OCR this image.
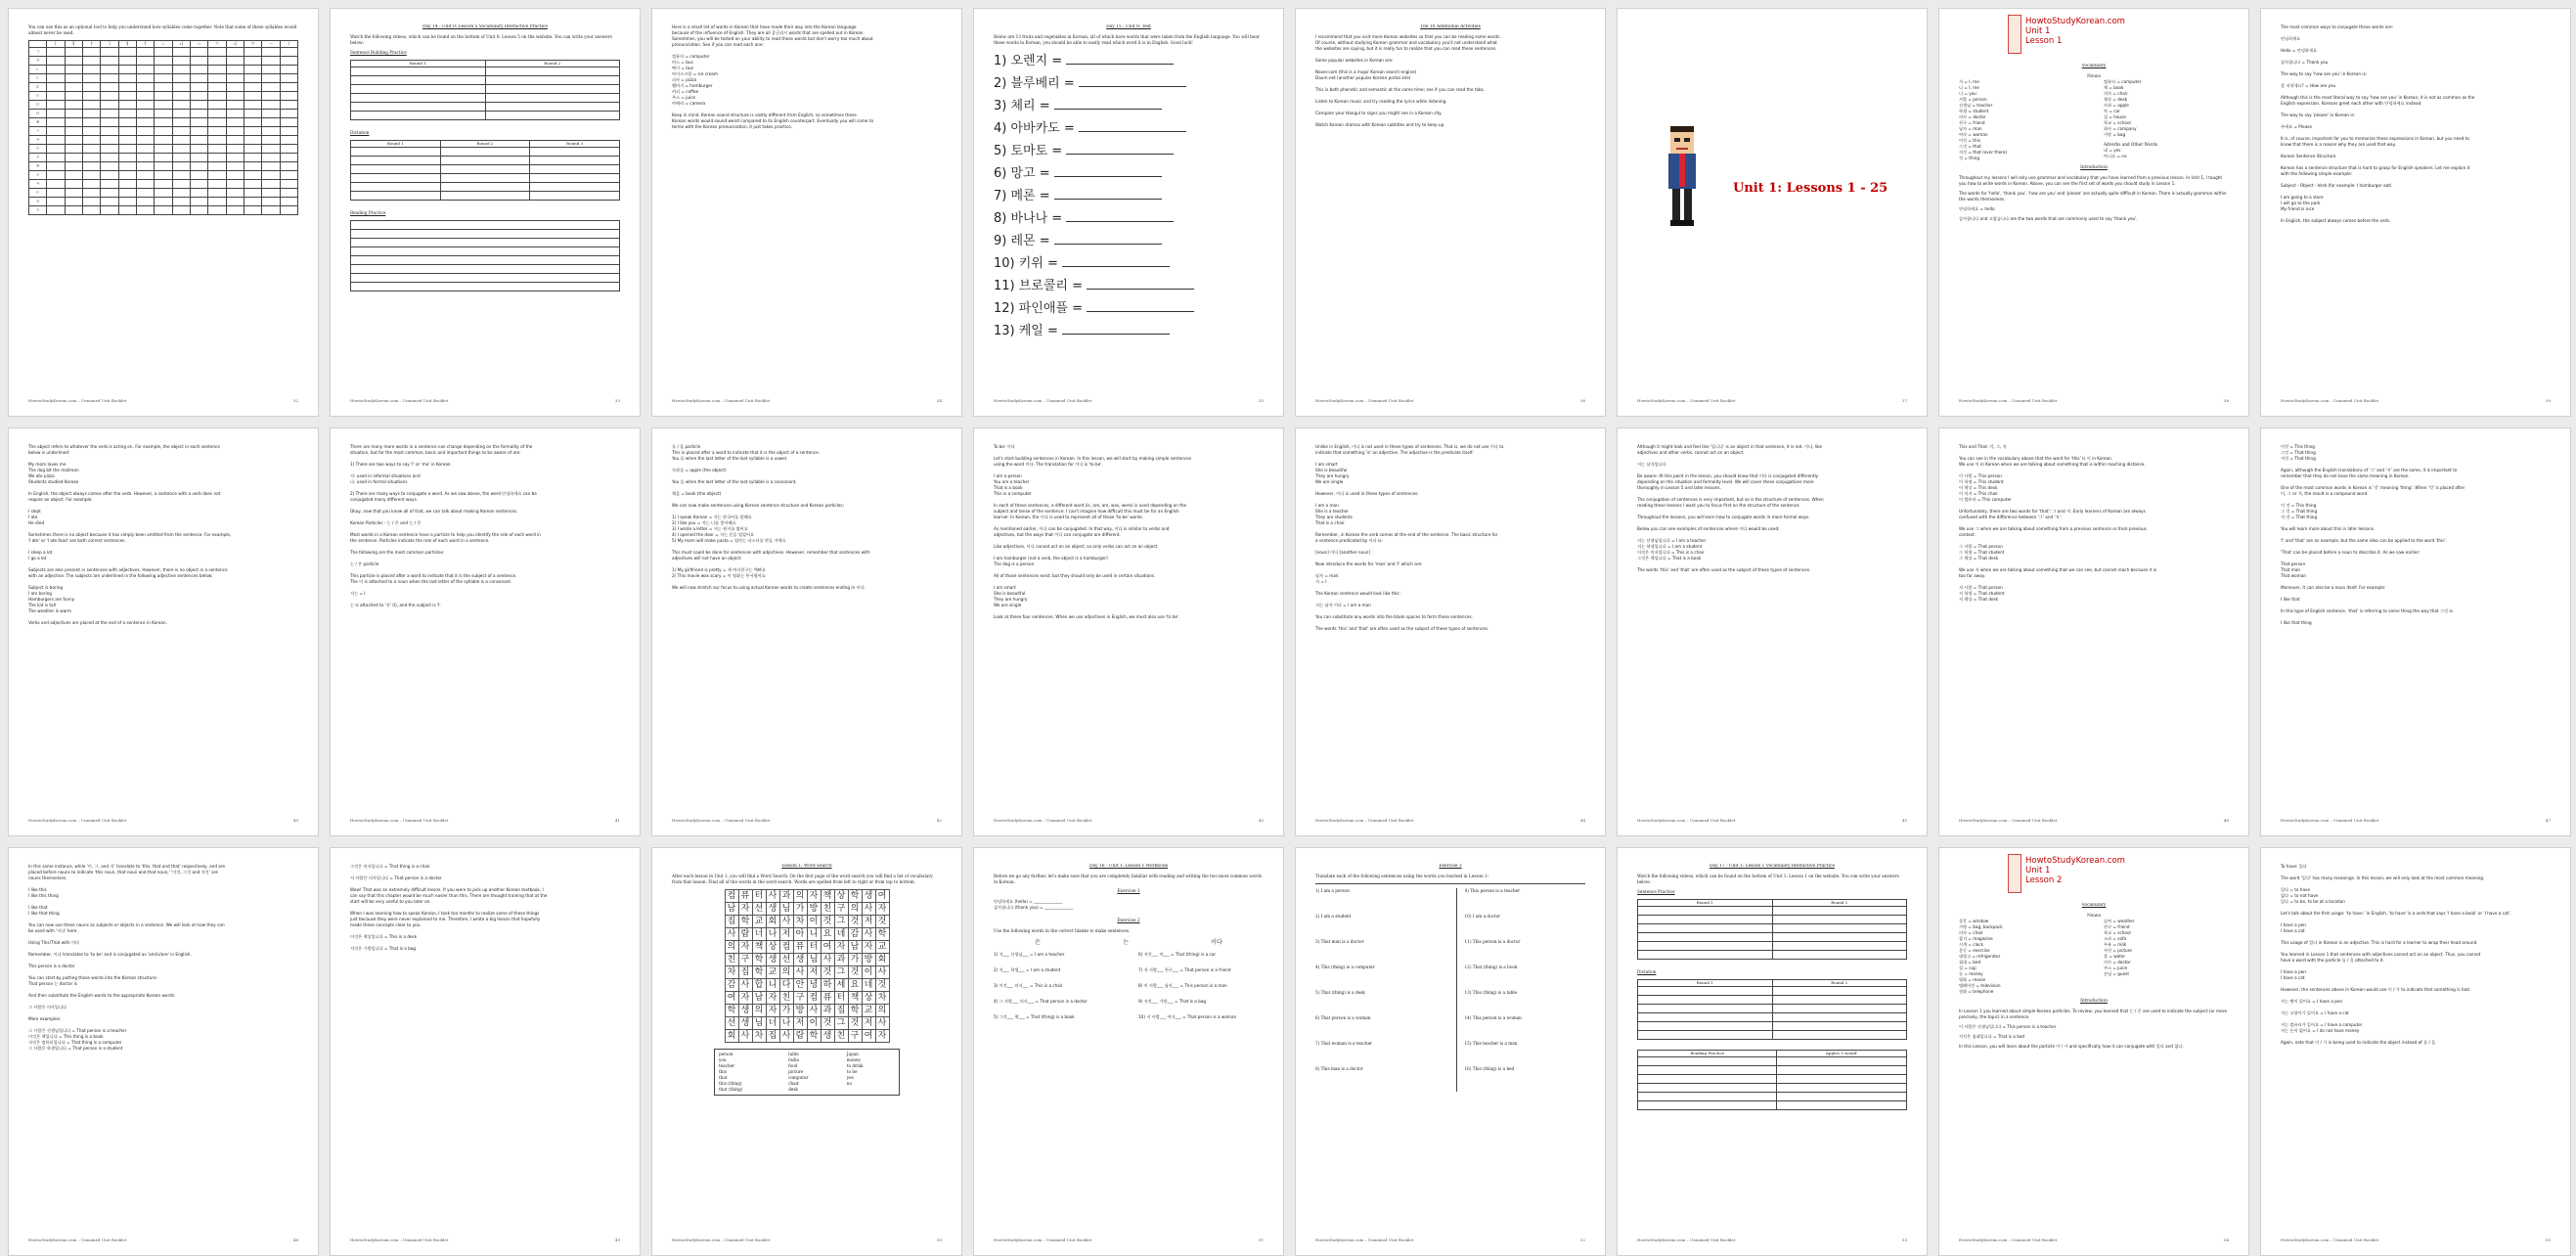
You can use this as an optional tool to help you understand how syllables come together. Note that some of these syllables would almost never be used.
	ㅏ	ㅐ	ㅑ	ㅓ	ㅔ	ㅕ	ㅗ	ㅘ	ㅛ	ㅜ	ㅝ	ㅠ	ㅡ	ㅣ
ㄱ														
ㄲ														
ㄴ														
ㄷ														
ㄸ														
ㄹ														
ㅁ														
ㅂ														
ㅃ														
ㅅ														
ㅆ														
ㅇ														
ㅈ														
ㅉ														
ㅊ														
ㅋ														
ㅌ														
ㅍ														
ㅎ														
HowtoStudyKorean.com – Unnamed Unit Booklet	32
Day 14 - Unit 0: Lesson 5 Vocabulary Interactive Practice
Watch the following videos, which can be found on the bottom of Unit 0: Lesson 5 on the website. You can write your answers below:
Sentence Building Practice
Round 1	Round 2

Dictation
Round 1	Round 2	Round 3

Reading Practice

HowtoStudyKorean.com – Unnamed Unit Booklet	33
Here is a small list of words in Korean that have made their way into the Korean language
because of the influence of English. They are all 콩글리시 words that are spelled out in Korean.
Sometimes, you will be tested on your ability to read these words but don't worry too much about
pronunciation. See if you can read each one:
컴퓨터 = computer
버스 = bus
택시 = taxi
아이스크림 = ice cream
피자 = pizza
햄버거 = hamburger
커피 = coffee
주스 = juice
카메라 = camera
Keep in mind, Korean sound structure is vastly different from English, so sometimes these
Korean words would sound weird compared to its English counterpart. Eventually you will come to
terms with the Korean pronunciation, it just takes practice.
HowtoStudyKorean.com – Unnamed Unit Booklet	34
Day 15 - Unit 0: Test
Below are 13 fruits and vegetables in Korean, all of which have words that were taken from the English language. You will hear these words in Korean, you should be able to easily read which word it is in English. Good luck!
1) 오렌지 =
2) 블루베리 =
3) 체리 =
4) 아바카도 =
5) 토마토 =
6) 망고 =
7) 메론 =
8) 바나나 =
9) 레몬 =
10) 키위 =
11) 브로콜리 =
12) 파인애플 =
13) 케일 =
HowtoStudyKorean.com – Unnamed Unit Booklet	35
The 10 Additional Activities
I recommend that you visit more Korean websites so that you can be reading some words.
Of course, without studying Korean grammar and vocabulary you'll not understand what
the websites are saying, but it is really fun to realize that you can read these sentences.
Some popular websites in Korean are:
Naver.com (this is a major Korean search engine)
Daum.net (another popular Korean portal site)
This is both phonetic and semantic at the same time; see if you can read the tabs.
Listen to Korean music and try reading the lyrics while listening.
Compare your Hangul to signs you might see in a Korean city.
Watch Korean dramas with Korean subtitles and try to keep up.
HowtoStudyKorean.com – Unnamed Unit Booklet	36
Unit 1: Lessons 1 - 25
HowtoStudyKorean.com – Unnamed Unit Booklet	37
Vocabulary
Nouns
저 = I, me
나 = I, me
너 = you
사람 = person
선생님 = teacher
학생 = student
의사 = doctor
친구 = friend
남자 = man
여자 = woman
이것 = this
그것 = that
저것 = that (over there)
것 = thing
컴퓨터 = computer
책 = book
의자 = chair
책상 = desk
사과 = apple
차 = car
집 = house
학교 = school
회사 = company
가방 = bag
Adverbs and Other Words
네 = yes
아니요 = no
Introduction
Throughout my lessons I will only use grammar and vocabulary that you have learned from a previous lesson. In Unit 1, I taught you how to write words in Korean. Above, you can see the first set of words you should study in Lesson 1.
The words for 'hello', 'thank you', 'how are you' and 'please' are actually quite difficult in Korean. There is actually grammar within the words themselves.
안녕하세요 = hello
감사합니다 and 고맙습니다 are the two words that are commonly used to say 'thank you'.
HowtoStudyKorean.com
Unit 1
Lesson 1
HowtoStudyKorean.com – Unnamed Unit Booklet	38
The most common ways to conjugate these words are:
안녕하세요
Hello = 안녕하세요
감사합니다 = Thank you
The way to say 'how are you' in Korean is:
잘 지내세요? = How are you
Although this is the most literal way to say 'how are you' in Korean, it is not as common as the
English expression. Koreans greet each other with 안녕하세요 instead.
The way to say 'please' in Korean is:
주세요 = Please
It is, of course, important for you to memorize these expressions in Korean, but you need to
know that there is a reason why they are used that way.
Korean Sentence Structure
Korean has a sentence structure that is hard to grasp for English speakers. Let me explain it
with the following simple example:
Subject - Object - Verb (for example: I hamburger eat)
I am going to a store
I will go to the park
My friend is nice
In English, the subject always comes before the verb.
HowtoStudyKorean.com – Unnamed Unit Booklet	39
The object refers to whatever the verb is acting on. For example, the object in each sentence
below is underlined:
My mom loves me
The dog bit the mailman
We ate pizza
Students studied Korean
In English, the object always comes after the verb. However, a sentence with a verb does not
require an object. For example:
I slept
I ate
He died
Sometimes there is no object because it has simply been omitted from the sentence. For example,
'I ate' or 'I ate food' are both correct sentences.
I sleep a lot
I go a lot
Subjects are also present in sentences with adjectives. However, there is no object in a sentence
with an adjective. The subjects are underlined in the following adjective sentences below:
Subject is boring
I am boring
Hamburgers are funny
The kid is tall
The weather is warm
Verbs and adjectives are placed at the end of a sentence in Korean.
HowtoStudyKorean.com – Unnamed Unit Booklet	40
There are many more words in a sentence can change depending on the formality of the
situation, but for the most common, basic and important things to be aware of are:
1) There are two ways to say 'I' or 'me' in Korean
저: used in informal situations and
나: used in formal situations
2) There are many ways to conjugate a word. As we saw above, the word 안녕하세요 can be
conjugated many different ways.
Okay, now that you know all of that, we can talk about making Korean sentences.
Korean Particles - 는 / 은 and 는 / 은
Most words in a Korean sentence have a particle to help you identify the role of each word in
the sentence. Particles indicate the role of each word in a sentence.
The following are the most common particles:
는 / 은 particle
This particle is placed after a word to indicate that it is the subject of a sentence.
The 이 is attached to a noun when the last letter of the syllable is a consonant.
저는 = I
는 is attached to '저' (I), and the subject is 'I'.
HowtoStudyKorean.com – Unnamed Unit Booklet	41
를 / 을 particle
This is placed after a word to indicate that it is the object of a sentence.
You 를 when the last letter of the last syllable is a vowel.
사과를 = apple (the object)
You 을 when the last letter of the last syllable is a consonant.
책을 = book (the object)
We can now make sentences using Korean sentence structure and Korean particles:
1) I speak Korean = 저는 한국어를 말해요
2) I like you = 저는 너를 좋아해요
3) I wrote a letter = 저는 편지를 썼어요
4) I opened the door = 저는 문을 열었어요
5) My mom will make pasta = 엄마는 파스타를 만들 거예요
This must could be done for sentences with adjectives. However, remember that sentences with
adjectives will not have an object:
1) My girlfriend is pretty = 제 여자친구는 예뻐요
2) This movie was scary = 이 영화는 무서웠어요
We will now stretch our focus to using actual Korean words to create sentences ending in 이다.
HowtoStudyKorean.com – Unnamed Unit Booklet	42
To be: 이다
Let's start building sentences in Korean. In this lesson, we will start by making simple sentences
using the word 이다. The translation for 이다 is 'to be'.
I am a person
You are a teacher
That is a book
This is a computer
In each of these sentences, a different word (is, are, am, was, were) is used depending on the
subject and tense of the sentence. I can't imagine how difficult this must be for an English
learner. In Korean, the 이다 is used to represent all of those 'to be' words.
As mentioned earlier, 이다 can be conjugated. In that way, 이다 is similar to verbs and
adjectives, but the ways that 이다 can conjugate are different.
Like adjectives, 이다 cannot act on an object, so only verbs can act on an object.
I am hamburger (not a verb, the object is a hamburger)
The dog is a person
All of those sentences exist, but they should only be used in certain situations.
I am smart
She is beautiful
They are hungry
We are single
Look at these four sentences. When we use adjectives in English, we must also use 'to be'.
HowtoStudyKorean.com – Unnamed Unit Booklet	43
Unlike in English, 이다 is not used in these types of sentences. That is, we do not use 이다 to
indicate that something 'is' an adjective. The adjective is the predicate itself:
I am smart
She is beautiful
They are hungry
We are single
However, 이다 is used in these types of sentences:
I am a man
She is a teacher
They are students
That is a chair
Remember, in Korean the verb comes at the end of the sentence. The basic structure for
a sentence predicated by 이다 is:
[noun] 이다 [another noun]
Now introduce the words for 'man' and 'I' which are:
남자 = man
저 = I
The Korean sentence would look like this:
저는 남자 이다 = I am a man
You can substitute any words into the blank spaces to form these sentences.
The words 'this' and 'that' are often used as the subject of these types of sentences.
HowtoStudyKorean.com – Unnamed Unit Booklet	44
Although it might look and feel like '입니다' is an object in that sentence, it is not. 이다, like
adjectives and other verbs, cannot act on an object.
저는 남자입니다
Be aware: At this point in the lesson, you should know that 이다 is conjugated differently
depending on the situation and formality level. We will cover these conjugations more
thoroughly in Lesson 5 and later lessons.
The conjugation of sentences is very important, but so is the structure of sentences. When
reading these lessons I want you to focus first on the structure of the sentence.
Throughout the lessons, you will learn how to conjugate words in more formal ways.
Below you can see examples of sentences where 이다 would be used:
저는 선생님입니다 = I am a teacher
저는 학생입니다 = I am a student
이것은 의자입니다 = This is a chair
그것은 책입니다 = That is a book
The words 'this' and 'that' are often used as the subject of these types of sentences.
HowtoStudyKorean.com – Unnamed Unit Booklet	45
This and That: 이, 그, 저
You can see in the vocabulary above that the word for 'this' is 이 in Korean.
We use 이 in Korean when we are talking about something that is within reaching distance.
이 사람 = This person
이 학생 = This student
이 책상 = This desk
이 의자 = This chair
이 컴퓨터 = This computer
Unfortunately, there are two words for 'that': 그 and 저. Early learners of Korean are always
confused with the difference between '그' and '저'.
We use 그 when we are talking about something from a previous sentence or from previous
context.
그 사람 = That person
그 학생 = That student
그 책상 = That desk
We use 저 when we are talking about something that we can see, but cannot reach because it is
too far away.
저 사람 = That person
저 학생 = That student
저 책상 = That desk
HowtoStudyKorean.com – Unnamed Unit Booklet	46
이것 = This thing
그것 = That thing
저것 = That thing
Again, although the English translations of '그' and '저' are the same, it is important to
remember that they do not have the same meaning in Korean.
One of the most common words in Korean is '것' meaning 'thing'. When '것' is placed after
이, 그 or 저, the result is a compound word.
이 것 = This thing
그 것 = That thing
저 것 = That thing
You will learn more about this in later lessons.
'I' and 'that' are an example, but the same idea can be applied to the word 'this'.
'That' can be placed before a noun to describe it. As we saw earlier:
That person
That man
That woman
Moreover, it can also be a noun itself. For example:
I like that
In this type of English sentence, 'that' is referring to some thing the way that 그것 is.
I like that thing
HowtoStudyKorean.com – Unnamed Unit Booklet	47
In this same instance, while '이, 그, and 저' translate to 'this, that and that' respectively, and are
placed before nouns to indicate 'this noun, that noun and that noun,' '이것, 그것 and 저것' are
nouns themselves.
I like this
I like this thing
I like that
I like that thing
You can now use these nouns as subjects or objects in a sentence. We will look at how they can
be used with '이다' here.
Using This/That with 이다
Remember, 이다 translates to 'to be' and is conjugated as 'am/is/are' in English.
This person is a doctor
You can start by putting those words into the Korean structure:
That person 는 doctor is
And then substitute the English words to the appropriate Korean words:
그 사람은 의사입니다
More examples:
그 사람은 선생님입니다 = That person is a teacher
이것은 책입니다 = This thing is a book
저것은 컴퓨터입니다 = That thing is a computer
그 사람은 학생입니다 = That person is a student
HowtoStudyKorean.com – Unnamed Unit Booklet	48
그것은 의자입니다 = That thing is a chair
저 사람은 의사입니다 = That person is a doctor
Wow! That was an extremely difficult lesson. If you were to pick up another Korean textbook, I
can say that this chapter would be much easier than this. There are thought training that at the
start will be very useful to you later on.
When I was learning how to speak Korean, I took too months to realize some of these things
just because they were never explained to me. Therefore, I wrote a big lesson that hopefully
made these concepts clear to you.
이것은 책상입니다 = This is a desk
저것은 가방입니다 = That is a bag
HowtoStudyKorean.com – Unnamed Unit Booklet	49
Lesson 1: Word Search
After each lesson in Unit 1, you will find a Word Search. On the first page of the word search you will find a list of vocabulary from that lesson. Find all of the words in the word search. Words are spelled from left to right or from top to bottom.
컴	퓨	터	사	과	의	자	책	상	학	생	여
남	자	선	생	님	가	방	친	구	의	사	자
집	학	교	회	사	차	이	것	그	것	저	것
사	람	너	나	저	아	니	요	네	감	사	학
의	자	책	상	컴	퓨	터	여	자	남	자	교
친	구	학	생	선	생	님	사	과	가	방	회
차	집	학	교	의	사	저	것	그	것	이	사
감	사	합	니	다	안	녕	하	세	요	네	것
여	자	남	자	친	구	컴	퓨	터	책	상	차
학	생	의	자	가	방	사	과	집	학	교	의
선	생	님	너	나	저	이	것	그	것	저	사
회	사	차	집	사	람	학	생	친	구	여	자
person	table	Japan
you	radio	money
teacher	food	to drink
this	picture	to be
that	computer	yes
this (thing)	chair	no
that (thing)	desk	
HowtoStudyKorean.com – Unnamed Unit Booklet	50
Day 16 - Unit 1: Lesson 1 Workbook
Before we go any further, let's make sure that you are completely familiar with reading and writing the two most common words in Korean:
Exercise 1
안녕하세요 (hello) = ______________
감사합니다 (thank you) = ______________
Exercise 2
Use the following words in the correct blanks to make sentences.
은	는	이다
1) 저___ 선생님___ = I am a teacher
2) 저___ 학생___ = I am a student
3) 이것___ 의자___ = This is a chair
4) 그 사람___ 의사___ = That person is a doctor
5) 그것___ 책___ = That (thing) is a book
6) 저것___ 차___ = That (thing) is a car
7) 저 사람___ 친구___ = That person is a friend
8) 이 사람___ 남자___ = This person is a man
9) 저것___ 가방___ = That is a bag
10) 저 사람___ 여자___ = That person is a woman
HowtoStudyKorean.com – Unnamed Unit Booklet	51
Exercise 3
Translate each of the following sentences using the words you learned in Lesson 1:
1) I am a person
2) I am a student
3) That man is a doctor
4) This (thing) is a computer
5) That (thing) is a desk
6) That person is a woman
7) That woman is a teacher
8) This man is a doctor
9) This person is a teacher
10) I am a doctor
11) This person is a doctor
12) That (thing) is a book
13) This (thing) is a table
14) This person is a woman
15) This teacher is a man
16) This (thing) is a bed
HowtoStudyKorean.com – Unnamed Unit Booklet	52
Day 17 - Unit 1: Lesson 1 Vocabulary Interactive Practice
Watch the following videos, which can be found on the bottom of Unit 1: Lesson 1 on the website. You can write your answers below:
Sentence Practice
Round 1	Round 2

Dictation
Round 1	Round 2

Reading Practice	Apples 'I would'

HowtoStudyKorean.com – Unnamed Unit Booklet	53
Vocabulary
Nouns
창문 = window
가방 = bag, backpack
의자 = chair
잡지 = magazine
시계 = clock
운동 = exercise
냉장고 = refrigerator
침대 = bed
컵 = cup
돈 = money
영화 = movie
텔레비전 = television
전화 = telephone
날씨 = weather
친구 = friend
학교 = school
소파 = sofa
우유 = milk
사진 = picture
물 = water
의사 = doctor
주스 = juice
손님 = guest
Introduction
In Lesson 1 you learned about simple Korean particles. To review, you learned that 는 / 은 are used to indicate the subject (or more precisely, the topic) in a sentence.
이 사람은 선생님입니다 = This person is a teacher
저것은 침대입니다 = That is a bed
In this Lesson, you will learn about the particle 이 / 가 and specifically how it can conjugate with 있다 and 없다.
HowtoStudyKorean.com
Unit 1
Lesson 2
HowtoStudyKorean.com – Unnamed Unit Booklet	54
To have: 있다
The word '있다' has many meanings. In this lesson, we will only look at the most common meaning.
있다 = to have
없다 = to not have
있다 = to be, to be at a location
Let's talk about the first usage: 'to have.' In English, 'to have' is a verb that says 'I have a book' or 'I have a cat'.
I have a pen
I have a cat
This usage of 있다 in Korean is an adjective. This is hard for a learner to wrap their head around.
You learned in Lesson 1 that sentences with adjectives cannot act on an object. Thus, you cannot
have a word with the particle 를 / 을 attached to it.
I have a pen
I have a cat
However, the sentences above in Korean would use 이 / 가 to indicate that something is had.
저는 펜이 있어요 = I have a pen
저는 고양이가 있어요 = I have a cat
저는 컴퓨터가 있어요 = I have a computer
저는 돈이 없어요 = I do not have money
Again, note that 이 / 가 is being used to indicate the object instead of 를 / 을.
HowtoStudyKorean.com – Unnamed Unit Booklet	55
